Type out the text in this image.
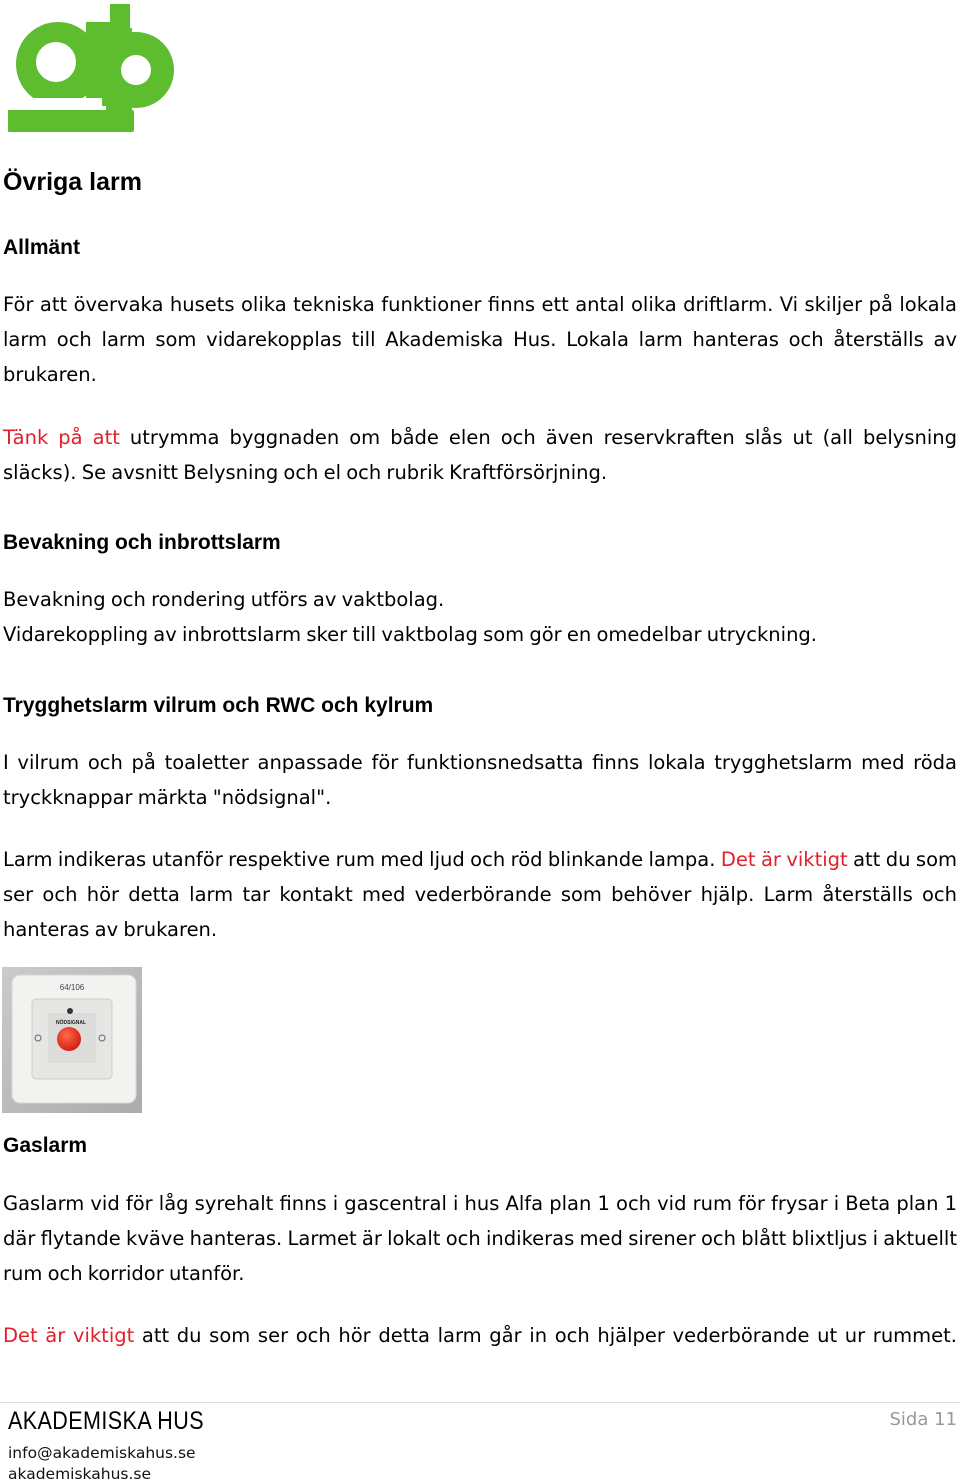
Övriga larm
Allmänt

För att övervaka husets olika tekniska funktioner finns ett antal olika driftlarm. Vi skiljer på lokala larm och larm som vidarekopplas till Akademiska Hus. Lokala larm hanteras och återställs av brukaren.

Tänk på att utrymma byggnaden om både elen och även reservkraften slås ut (all belysning släcks). Se avsnitt Belysning och el och rubrik Kraftförsörjning.

Bevakning och inbrottslarm

Bevakning och rondering utförs av vaktbolag.

Vidarekoppling av inbrottslarm sker till vaktbolag som gör en omedelbar utryckning.

Trygghetslarm vilrum och RWC och kylrum

I vilrum och på toaletter anpassade för funktionsnedsatta finns lokala trygghetslarm med röda tryckknappar märkta "nödsignal".

Larm indikeras utanför respektive rum med ljud och röd blinkande lampa. Det är viktigt att du som ser och hör detta larm tar kontakt med vederbörande som behöver hjälp. Larm återställs och hanteras av brukaren.

64/106
NÖDSIGNAL
Gaslarm

Gaslarm vid för låg syrehalt finns i gascentral i hus Alfa plan 1 och vid rum för frysar i Beta plan 1 där flytande kväve hanteras. Larmet är lokalt och indikeras med sirener och blått blixtljus i aktuellt rum och korridor utanför.

Det är viktigt att du som ser och hör detta larm går in och hjälper vederbörande ut ur rummet.

AKADEMISKA HUS
info@akademiskahus.se
akademiskahus.se
Sida 11
